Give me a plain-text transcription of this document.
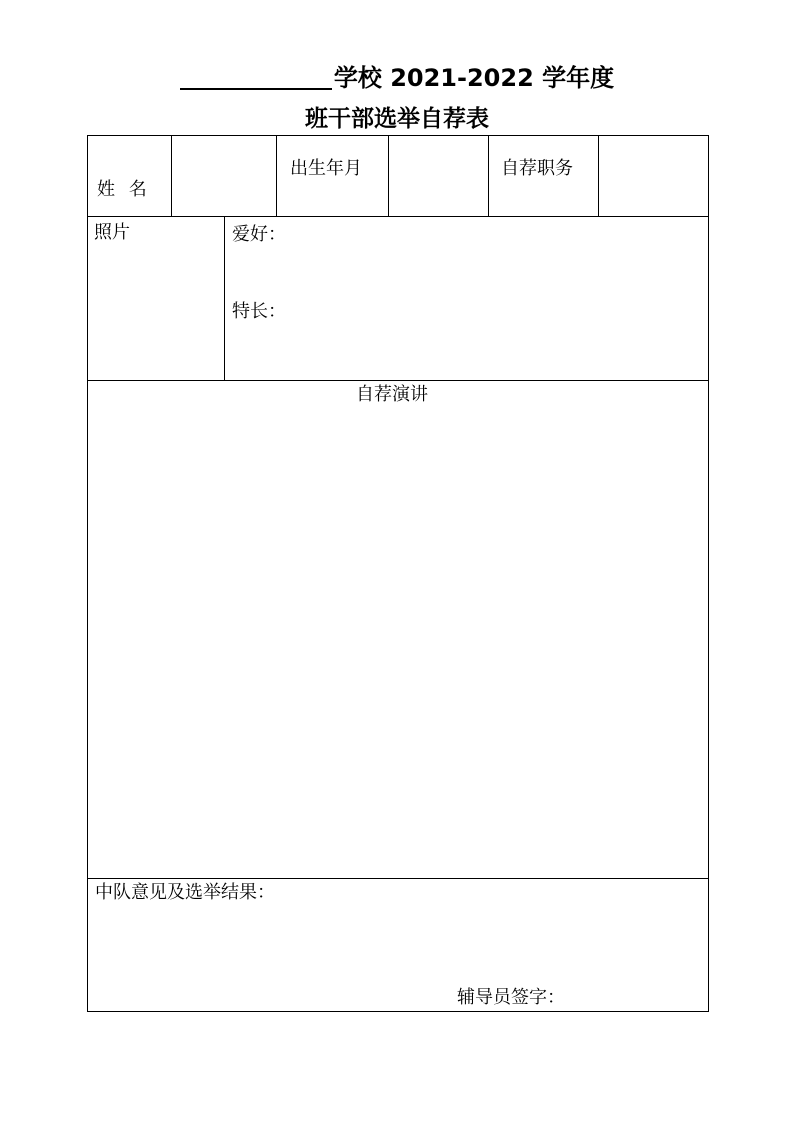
学校 2021-2022 学年度
班干部选举自荐表
姓 名
出生年月	自荐职务
照片	爱好：
特长：
自荐演讲
中队意见及选举结果：
辅导员签字：
